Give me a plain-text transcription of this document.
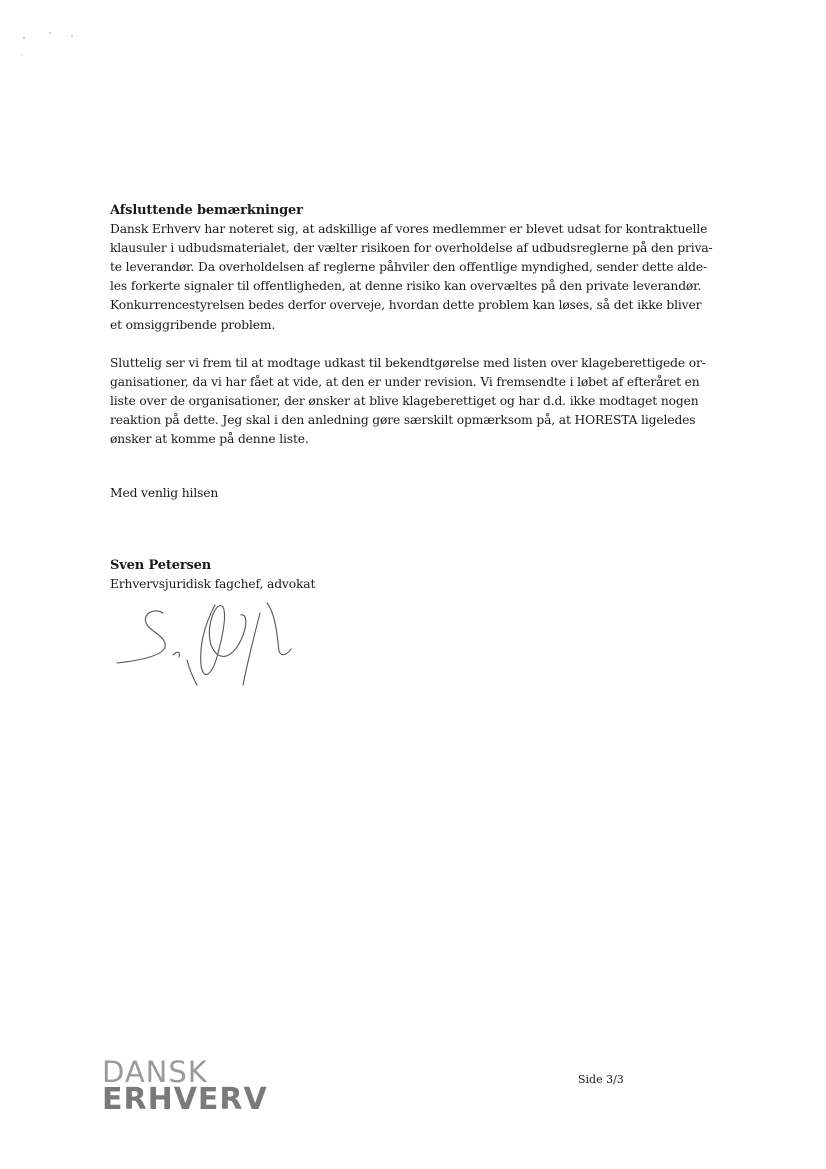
Afsluttende bemærkninger
Dansk Erhverv har noteret sig, at adskillige af vores medlemmer er blevet udsat for kontraktuelle
klausuler i udbudsmaterialet, der vælter risikoen for overholdelse af udbudsreglerne på den priva-
te leverandør. Da overholdelsen af reglerne påhviler den offentlige myndighed, sender dette alde-
les forkerte signaler til offentligheden, at denne risiko kan overvæltes på den private leverandør.
Konkurrencestyrelsen bedes derfor overveje, hvordan dette problem kan løses, så det ikke bliver
et omsiggribende problem.
Sluttelig ser vi frem til at modtage udkast til bekendtgørelse med listen over klageberettigede or-
ganisationer, da vi har fået at vide, at den er under revision. Vi fremsendte i løbet af efteråret en
liste over de organisationer, der ønsker at blive klageberettiget og har d.d. ikke modtaget nogen
reaktion på dette. Jeg skal i den anledning gøre særskilt opmærksom på, at HORESTA ligeledes
ønsker at komme på denne liste.
Med venlig hilsen
Sven Petersen
Erhvervsjuridisk fagchef, advokat
DANSK
ERHVERV
Side 3/3
